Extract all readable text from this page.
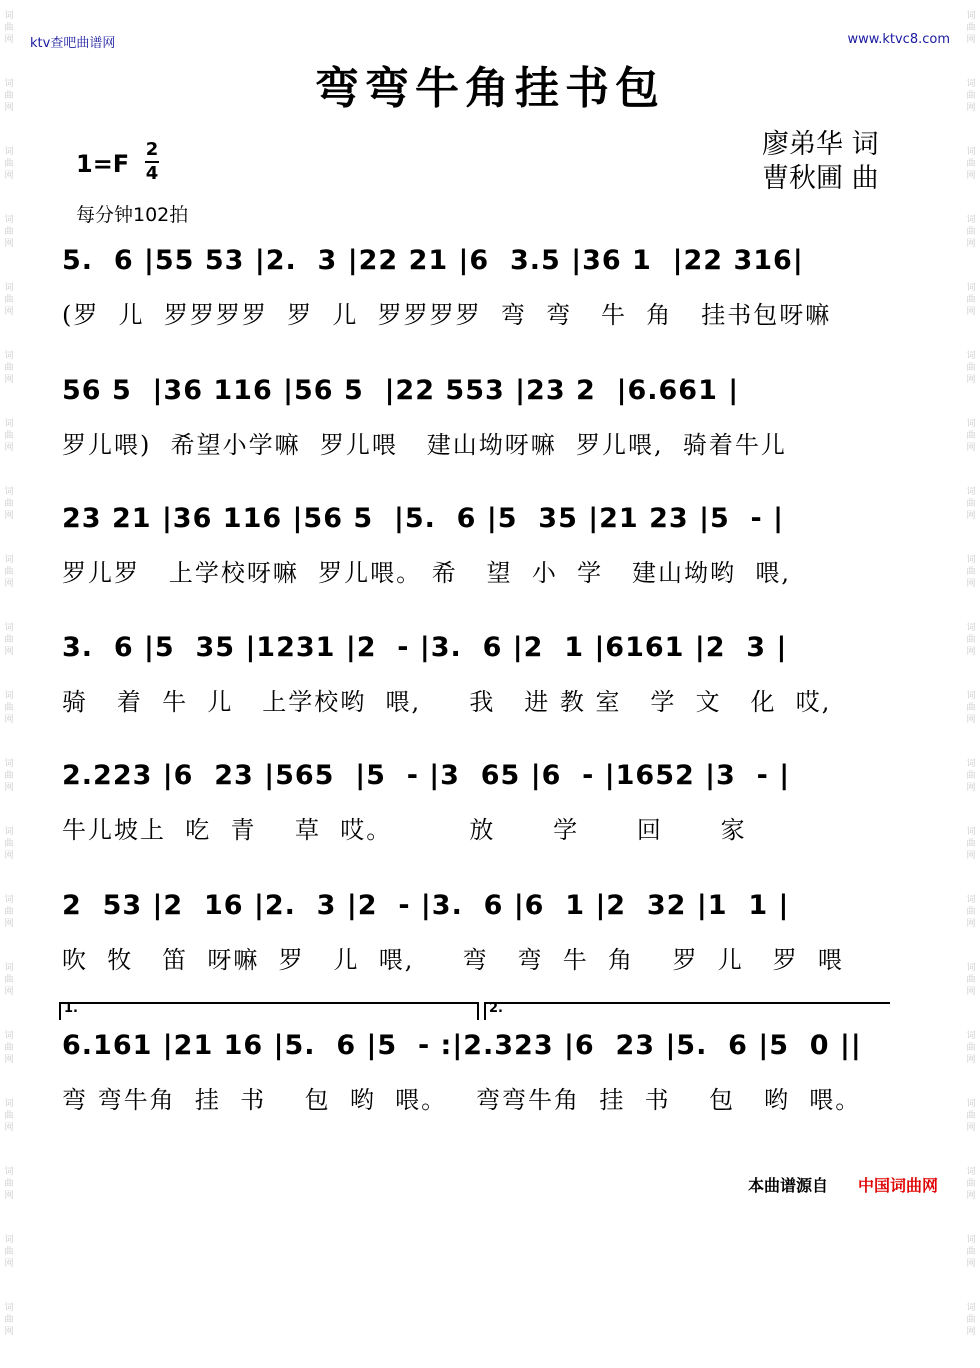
词曲网
词曲网
词曲网
词曲网
词曲网
词曲网
词曲网
词曲网
词曲网
词曲网
词曲网
词曲网
词曲网
词曲网
词曲网
词曲网
词曲网
词曲网
词曲网
词曲网
词曲网
词曲网
词曲网
词曲网
词曲网
词曲网
词曲网
词曲网
词曲网
词曲网
词曲网
词曲网
词曲网
词曲网
词曲网
词曲网
词曲网
词曲网
词曲网
词曲网
ktv查吧曲谱网	www.ktvc8.com
弯弯牛角挂书包
廖弟华 词
曹秋圃 曲
1=F
2
4
每分钟102拍
5.  6 |55 53 |2.  3 |22 21 |6  3.5 |36 1  |22 316|
(罗  儿  罗罗罗罗  罗  儿  罗罗罗罗  弯  弯   牛  角   挂书包呀嘛
56 5  |36 116 |56 5  |22 553 |23 2  |6.661 |
罗儿喂)  希望小学嘛  罗儿喂   建山坳呀嘛  罗儿喂,  骑着牛儿
23 21 |36 116 |56 5  |5.  6 |5  35 |21 23 |5  - |
罗儿罗   上学校呀嘛  罗儿喂。 希   望  小  学   建山坳哟  喂,
3.  6 |5  35 |1231 |2  - |3.  6 |2  1 |6161 |2  3 |
骑   着  牛  儿   上学校哟  喂,     我   进 教 室   学  文   化  哎,
2.223 |6  23 |565  |5  - |3  65 |6  - |1652 |3  - |
牛儿坡上  吃  青    草  哎。        放      学      回      家
2  53 |2  16 |2.  3 |2  - |3.  6 |6  1 |2  32 |1  1 |
吹  牧   笛  呀嘛  罗   儿  喂,     弯   弯  牛  角    罗  儿   罗  喂
1.	2.
6.161 |21 16 |5.  6 |5  - :|2.323 |6  23 |5.  6 |5  0 ||
弯 弯牛角  挂  书    包  哟  喂。   弯弯牛角  挂  书    包   哟  喂。
本曲谱源自 中国词曲网
